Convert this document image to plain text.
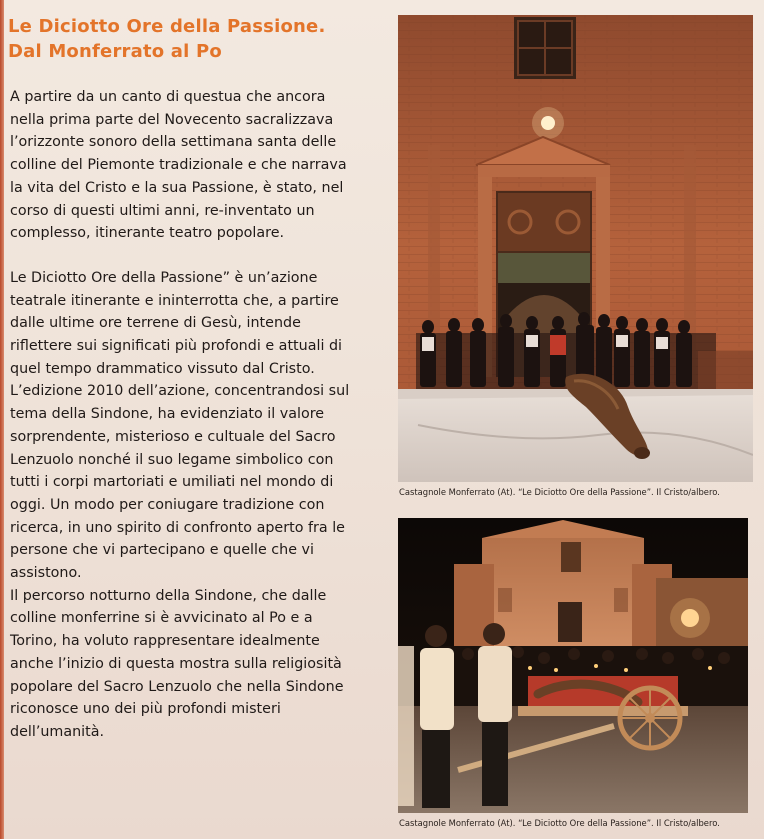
Le Diciotto Ore della Passione.
Dal Monferrato al Po

A partire da un canto di questua che ancora nella prima parte del Novecento sacralizzava l’orizzonte sonoro della settimana santa delle colline del Piemonte tradizionale e che narrava la vita del Cristo e la sua Passione, è stato, nel corso di questi ultimi anni, re-inventato un complesso, itinerante teatro popolare.

Le Diciotto Ore della Passione” è un’azione teatrale itinerante e ininterrotta che, a partire dalle ultime ore terrene di Gesù, intende riflettere sui significati più profondi e attuali di quel tempo drammatico vissuto dal Cristo.

L’edizione 2010 dell’azione, concentrandosi sul tema della Sindone, ha evidenziato il valore sorprendente, misterioso e cultuale del Sacro Lenzuolo nonché il suo legame simbolico con tutti i corpi martoriati e umiliati nel mondo di oggi. Un modo per coniugare tradizione con ricerca, in uno spirito di confronto aperto fra le persone che vi partecipano e quelle che vi assistono.

Il percorso notturno della Sindone, che dalle colline monferrine si è avvicinato al Po e a Torino, ha voluto rappresentare idealmente anche l’inizio di questa mostra sulla religiosità popolare del Sacro Lenzuolo che nella Sindone riconosce uno dei più profondi misteri dell’umanità.

Castagnole Monferrato (At). “Le Diciotto Ore della Passione”. Il Cristo/albero.
Castagnole Monferrato (At). “Le Diciotto Ore della Passione”. Il Cristo/albero.
